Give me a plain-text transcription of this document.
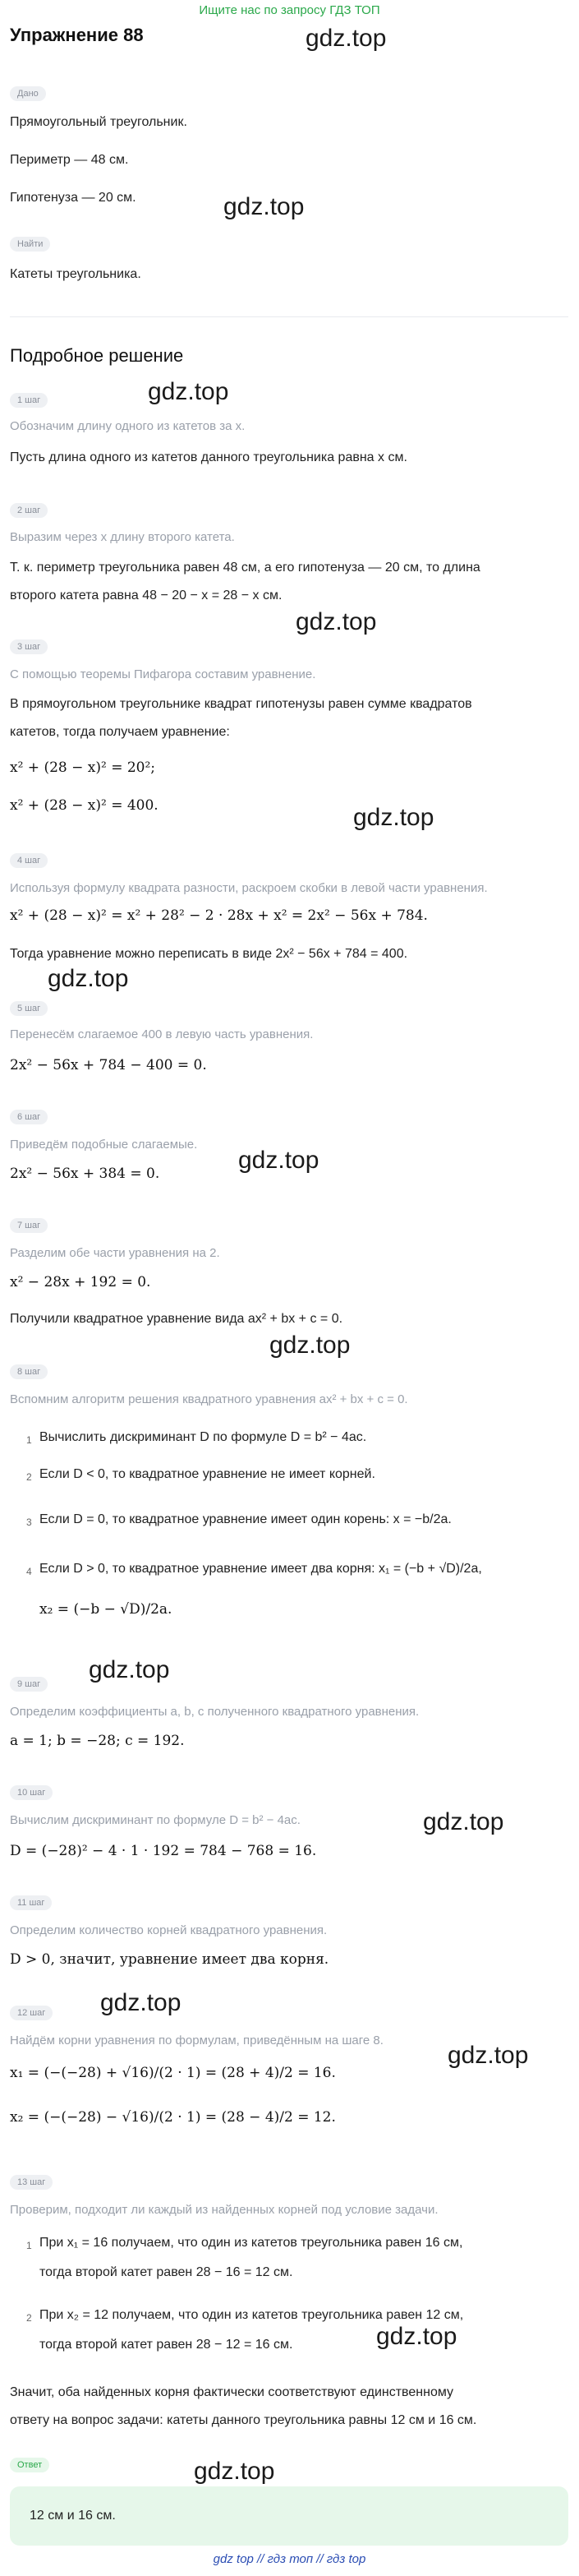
Ищите нас по запросу ГДЗ ТОП
Упражнение 88	gdz.top
Дано
Прямоугольный треугольник.
Периметр — 48 см.
Гипотенуза — 20 см.	gdz.top
Найти
Катеты треугольника.
Подробное решение
gdz.top
1 шаг
Обозначим длину одного из катетов за x.
Пусть длина одного из катетов данного треугольника равна x см.
2 шаг
Выразим через x длину второго катета.
Т. к. периметр треугольника равен 48 см, а его гипотенуза — 20 см, то длина
второго катета равна 48 − 20 − x = 28 − x см.
gdz.top
3 шаг
С помощью теоремы Пифагора составим уравнение.
В прямоугольном треугольнике квадрат гипотенузы равен сумме квадратов
катетов, тогда получаем уравнение:
x² + (28 − x)² = 20²;
x² + (28 − x)² = 400.	gdz.top
4 шаг
Используя формулу квадрата разности, раскроем скобки в левой части уравнения.
x² + (28 − x)² = x² + 28² − 2 · 28x + x² = 2x² − 56x + 784.
Тогда уравнение можно переписать в виде 2x² − 56x + 784 = 400.
gdz.top
5 шаг
Перенесём слагаемое 400 в левую часть уравнения.
2x² − 56x + 784 − 400 = 0.
6 шаг
Приведём подобные слагаемые.
2x² − 56x + 384 = 0.	gdz.top
7 шаг
Разделим обе части уравнения на 2.
x² − 28x + 192 = 0.
Получили квадратное уравнение вида ax² + bx + c = 0.
gdz.top
8 шаг
Вспомним алгоритм решения квадратного уравнения ax² + bx + c = 0.
1 Вычислить дискриминант D по формуле D = b² − 4ac.
2 Если D < 0, то квадратное уравнение не имеет корней.
3 Если D = 0, то квадратное уравнение имеет один корень: x = −b/2a.
4 Если D > 0, то квадратное уравнение имеет два корня: x₁ = (−b + √D)/2a,
x₂ = (−b − √D)/2a.
gdz.top
9 шаг
Определим коэффициенты a, b, c полученного квадратного уравнения.
a = 1; b = −28; c = 192.
10 шаг
Вычислим дискриминант по формуле D = b² − 4ac.	gdz.top
D = (−28)² − 4 · 1 · 192 = 784 − 768 = 16.
11 шаг
Определим количество корней квадратного уравнения.
D > 0, значит, уравнение имеет два корня.
gdz.top
12 шаг
Найдём корни уравнения по формулам, приведённым на шаге 8.
gdz.top
x₁ = (−(−28) + √16)/(2 · 1) = (28 + 4)/2 = 16.
x₂ = (−(−28) − √16)/(2 · 1) = (28 − 4)/2 = 12.
13 шаг
Проверим, подходит ли каждый из найденных корней под условие задачи.
1 При x₁ = 16 получаем, что один из катетов треугольника равен 16 см,
тогда второй катет равен 28 − 16 = 12 см.
2 При x₂ = 12 получаем, что один из катетов треугольника равен 12 см,
тогда второй катет равен 28 − 12 = 16 см.	gdz.top
Значит, оба найденных корня фактически соответствуют единственному
ответу на вопрос задачи: катеты данного треугольника равны 12 см и 16 см.
Ответ	gdz.top
12 см и 16 см.
gdz top // гдз топ // гдз top
